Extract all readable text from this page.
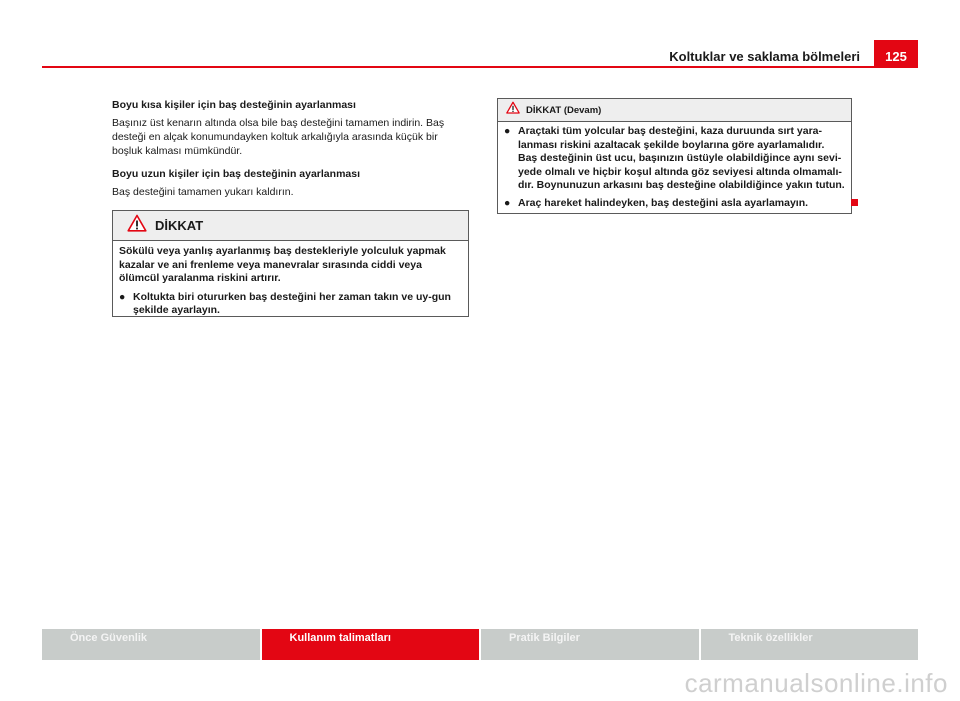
Koltuklar ve saklama bölmeleri	125

Boyu kısa kişiler için baş desteğinin ayarlanması

Başınız üst kenarın altında olsa bile baş desteğini tamamen indirin. Baş desteği en alçak konumundayken koltuk arkalığıyla arasında küçük bir boşluk kalması mümkündür.

Boyu uzun kişiler için baş desteğinin ayarlanması

Baş desteğini tamamen yukarı kaldırın.

DİKKAT

Sökülü veya yanlış ayarlanmış baş destekleriyle yolculuk yapmak kazalar ve ani frenleme veya manevralar sırasında ciddi veya ölümcül yaralanma riskini artırır.

● Koltukta biri otururken baş desteğini her zaman takın ve uy-gun şekilde ayarlayın.
DİKKAT (Devam)
● Araçtaki tüm yolcular baş desteğini, kaza duruunda sırt yara-lanması riskini azaltacak şekilde boylarına göre ayarlamalıdır. Baş desteğinin üst ucu, başınızın üstüyle olabildiğince aynı sevi-yede olmalı ve hiçbir koşul altında göz seviyesi altında olmamalı-dır. Boynunuzun arkasını baş desteğine olabildiğince yakın tutun.
● Araç hareket halindeyken, baş desteğini asla ayarlamayın.
Önce Güvenlik	Kullanım talimatları	Pratik Bilgiler	Teknik özellikler
carmanualsonline.info
